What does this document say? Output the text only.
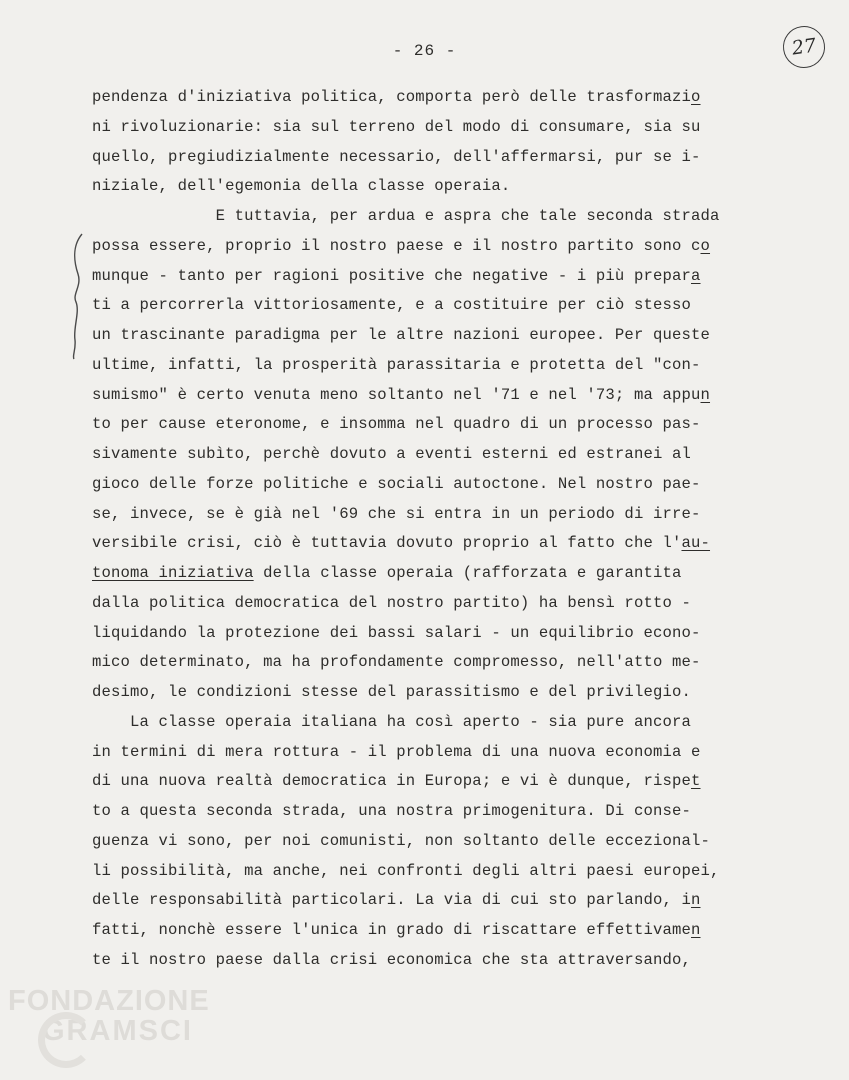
- 26 -	27
pendenza d'iniziativa politica, comporta però delle trasformazio
ni rivoluzionarie: sia sul terreno del modo di consumare, sia su
quello, pregiudizialmente necessario, dell'affermarsi, pur se i-
niziale, dell'egemonia della classe operaia.
E tuttavia, per ardua e aspra che tale seconda strada
possa essere, proprio il nostro paese e il nostro partito sono co
munque - tanto per ragioni positive che negative - i più prepara
ti a percorrerla vittoriosamente, e a costituire per ciò stesso
un trascinante paradigma per le altre nazioni europee. Per queste
ultime, infatti, la prosperità parassitaria e protetta del "con-
sumismo" è certo venuta meno soltanto nel '71 e nel '73; ma appun
to per cause eteronome, e insomma nel quadro di un processo pas-
sivamente subìto, perchè dovuto a eventi esterni ed estranei al
gioco delle forze politiche e sociali autoctone. Nel nostro pae-
se, invece, se è già nel '69 che si entra in un periodo di irre-
versibile crisi, ciò è tuttavia dovuto proprio al fatto che l'au-
tonoma iniziativa della classe operaia (rafforzata e garantita
dalla politica democratica del nostro partito) ha bensì rotto -
liquidando la protezione dei bassi salari - un equilibrio econo-
mico determinato, ma ha profondamente compromesso, nell'atto me-
desimo, le condizioni stesse del parassitismo e del privilegio.
La classe operaia italiana ha così aperto - sia pure ancora
in termini di mera rottura - il problema di una nuova economia e
di una nuova realtà democratica in Europa; e vi è dunque, rispet
to a questa seconda strada, una nostra primogenitura. Di conse-
guenza vi sono, per noi comunisti, non soltanto delle eccezional-
li possibilità, ma anche, nei confronti degli altri paesi europei,
delle responsabilità particolari. La via di cui sto parlando, in
fatti, nonchè essere l'unica in grado di riscattare effettivamen
te il nostro paese dalla crisi economica che sta attraversando,
FONDAZIONE
GRAMSCI
